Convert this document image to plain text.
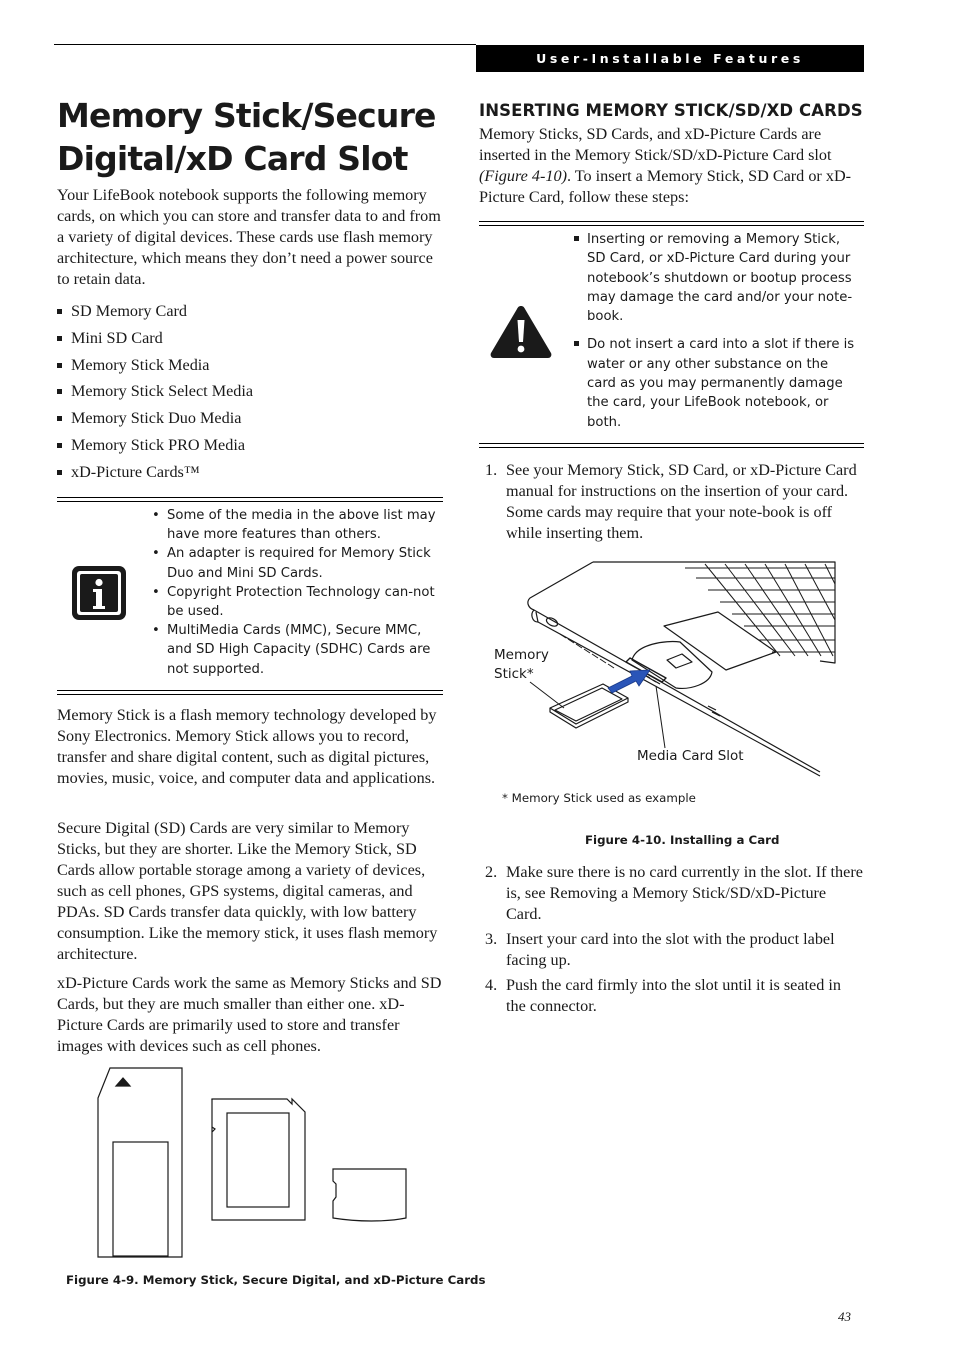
User-Installable Features
Memory Stick/Secure
Digital/xD Card Slot

Your LifeBook notebook supports the following memory cards, on which you can store and transfer data to and from a variety of digital devices. These cards use flash memory architecture, which means they don’t need a power source to retain data.

SD Memory Card
Mini SD Card
Memory Stick Media
Memory Stick Select Media
Memory Stick Duo Media
Memory Stick PRO Media
xD-Picture Cards™
• Some of the media in the above list may have more features than others.
• An adapter is required for Memory Stick Duo and Mini SD Cards.
• Copyright Protection Technology can-not be used.
• MultiMedia Cards (MMC), Secure MMC, and SD High Capacity (SDHC) Cards are not supported.

Memory Stick is a flash memory technology developed by Sony Electronics. Memory Stick allows you to record, transfer and share digital content, such as digital pictures, movies, music, voice, and computer data and applications.

Secure Digital (SD) Cards are very similar to Memory Sticks, but they are shorter. Like the Memory Stick, SD Cards allow portable storage among a variety of devices, such as cell phones, GPS systems, digital cameras, and PDAs. SD Cards transfer data quickly, with low battery consumption. Like the memory stick, it uses flash memory architecture.

xD-Picture Cards work the same as Memory Sticks and SD Cards, but they are much smaller than either one. xD-Picture Cards are primarily used to store and transfer images with devices such as cell phones.

Figure 4-9. Memory Stick, Secure Digital, and xD-Picture Cards
INSERTING MEMORY STICK/SD/XD CARDS

Memory Sticks, SD Cards, and xD-Picture Cards are inserted in the Memory Stick/SD/xD-Picture Card slot (Figure 4-10). To insert a Memory Stick, SD Card or xD-Picture Card, follow these steps:

Inserting or removing a Memory Stick, SD Card, or xD-Picture Card during your notebook’s shutdown or bootup process may damage the card and/or your note-book.
Do not insert a card into a slot if there is water or any other substance on the card as you may permanently damage the card, your LifeBook notebook, or both.
1. See your Memory Stick, SD Card, or xD-Picture Card manual for instructions on the insertion of your card. Some cards may require that your note-book is off while inserting them.
Memory Stick*
Media Card Slot
* Memory Stick used as example
Figure 4-10. Installing a Card
2. Make sure there is no card currently in the slot. If there is, see Removing a Memory Stick/SD/xD-Picture Card.
3. Insert your card into the slot with the product label facing up.
4. Push the card firmly into the slot until it is seated in the connector.
43
